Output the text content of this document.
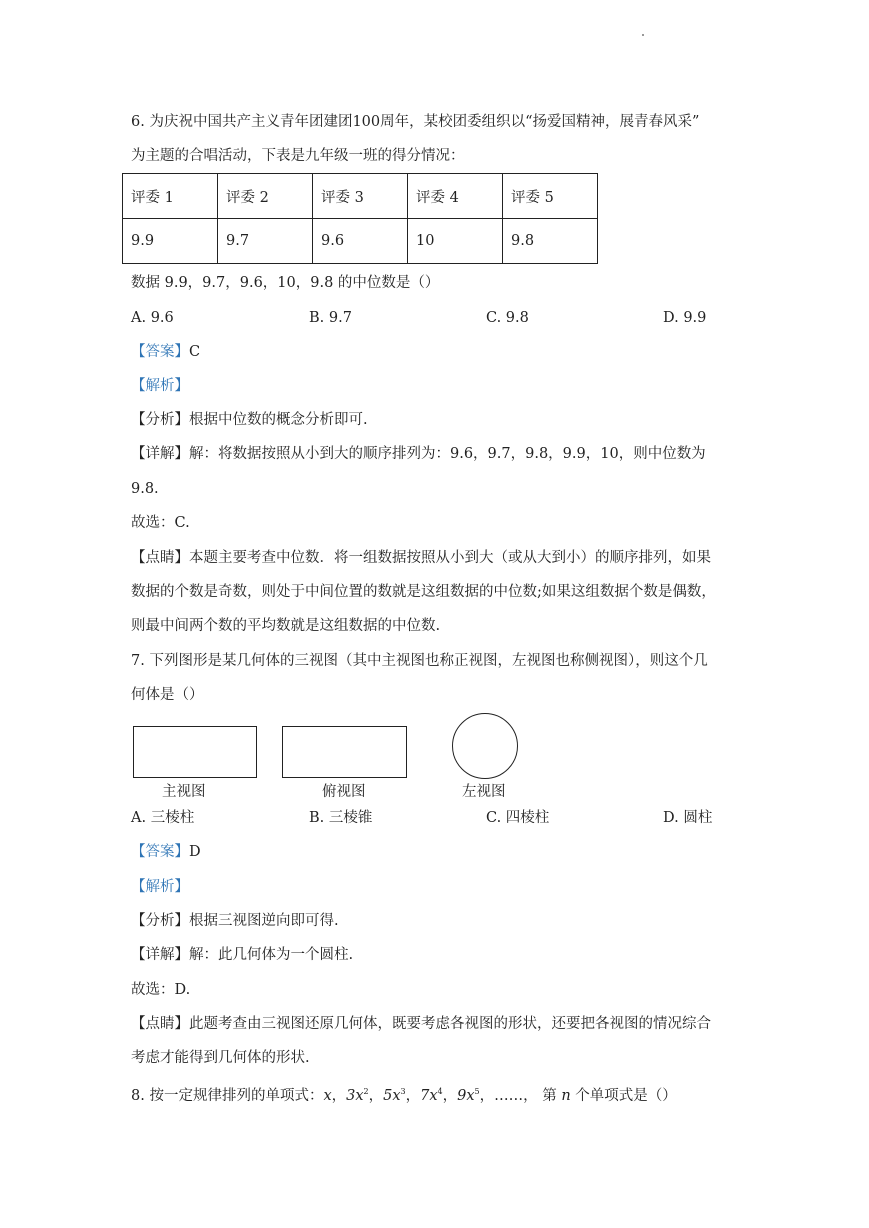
6. 为庆祝中国共产主义青年团建团100周年，某校团委组织以“扬爱国精神，展青春风采”
为主题的合唱活动，下表是九年级一班的得分情况：
评委 1	评委 2	评委 3	评委 4	评委 5
9.9	9.7	9.6	10	9.8
数据 9.9，9.7，9.6，10，9.8 的中位数是（）
A. 9.6	B. 9.7	C. 9.8	D. 9.9
【答案】C
【解析】
【分析】根据中位数的概念分析即可.
【详解】解：将数据按照从小到大的顺序排列为：9.6，9.7，9.8，9.9，10，则中位数为
9.8.
故选：C.
【点睛】本题主要考查中位数．将一组数据按照从小到大（或从大到小）的顺序排列，如果
数据的个数是奇数，则处于中间位置的数就是这组数据的中位数;如果这组数据个数是偶数，
则最中间两个数的平均数就是这组数据的中位数.
7. 下列图形是某几何体的三视图（其中主视图也称正视图，左视图也称侧视图），则这个几
何体是（）
主视图	俯视图	左视图
A. 三棱柱	B. 三棱锥	C. 四棱柱	D. 圆柱
【答案】D
【解析】
【分析】根据三视图逆向即可得.
【详解】解：此几何体为一个圆柱.
故选：D.
【点睛】此题考查由三视图还原几何体，既要考虑各视图的形状，还要把各视图的情况综合
考虑才能得到几何体的形状.
8. 按一定规律排列的单项式：x，$3x^2$，$5x^3$，$7x^4$，$9x^5$，……， 第 n 个单项式是（）
